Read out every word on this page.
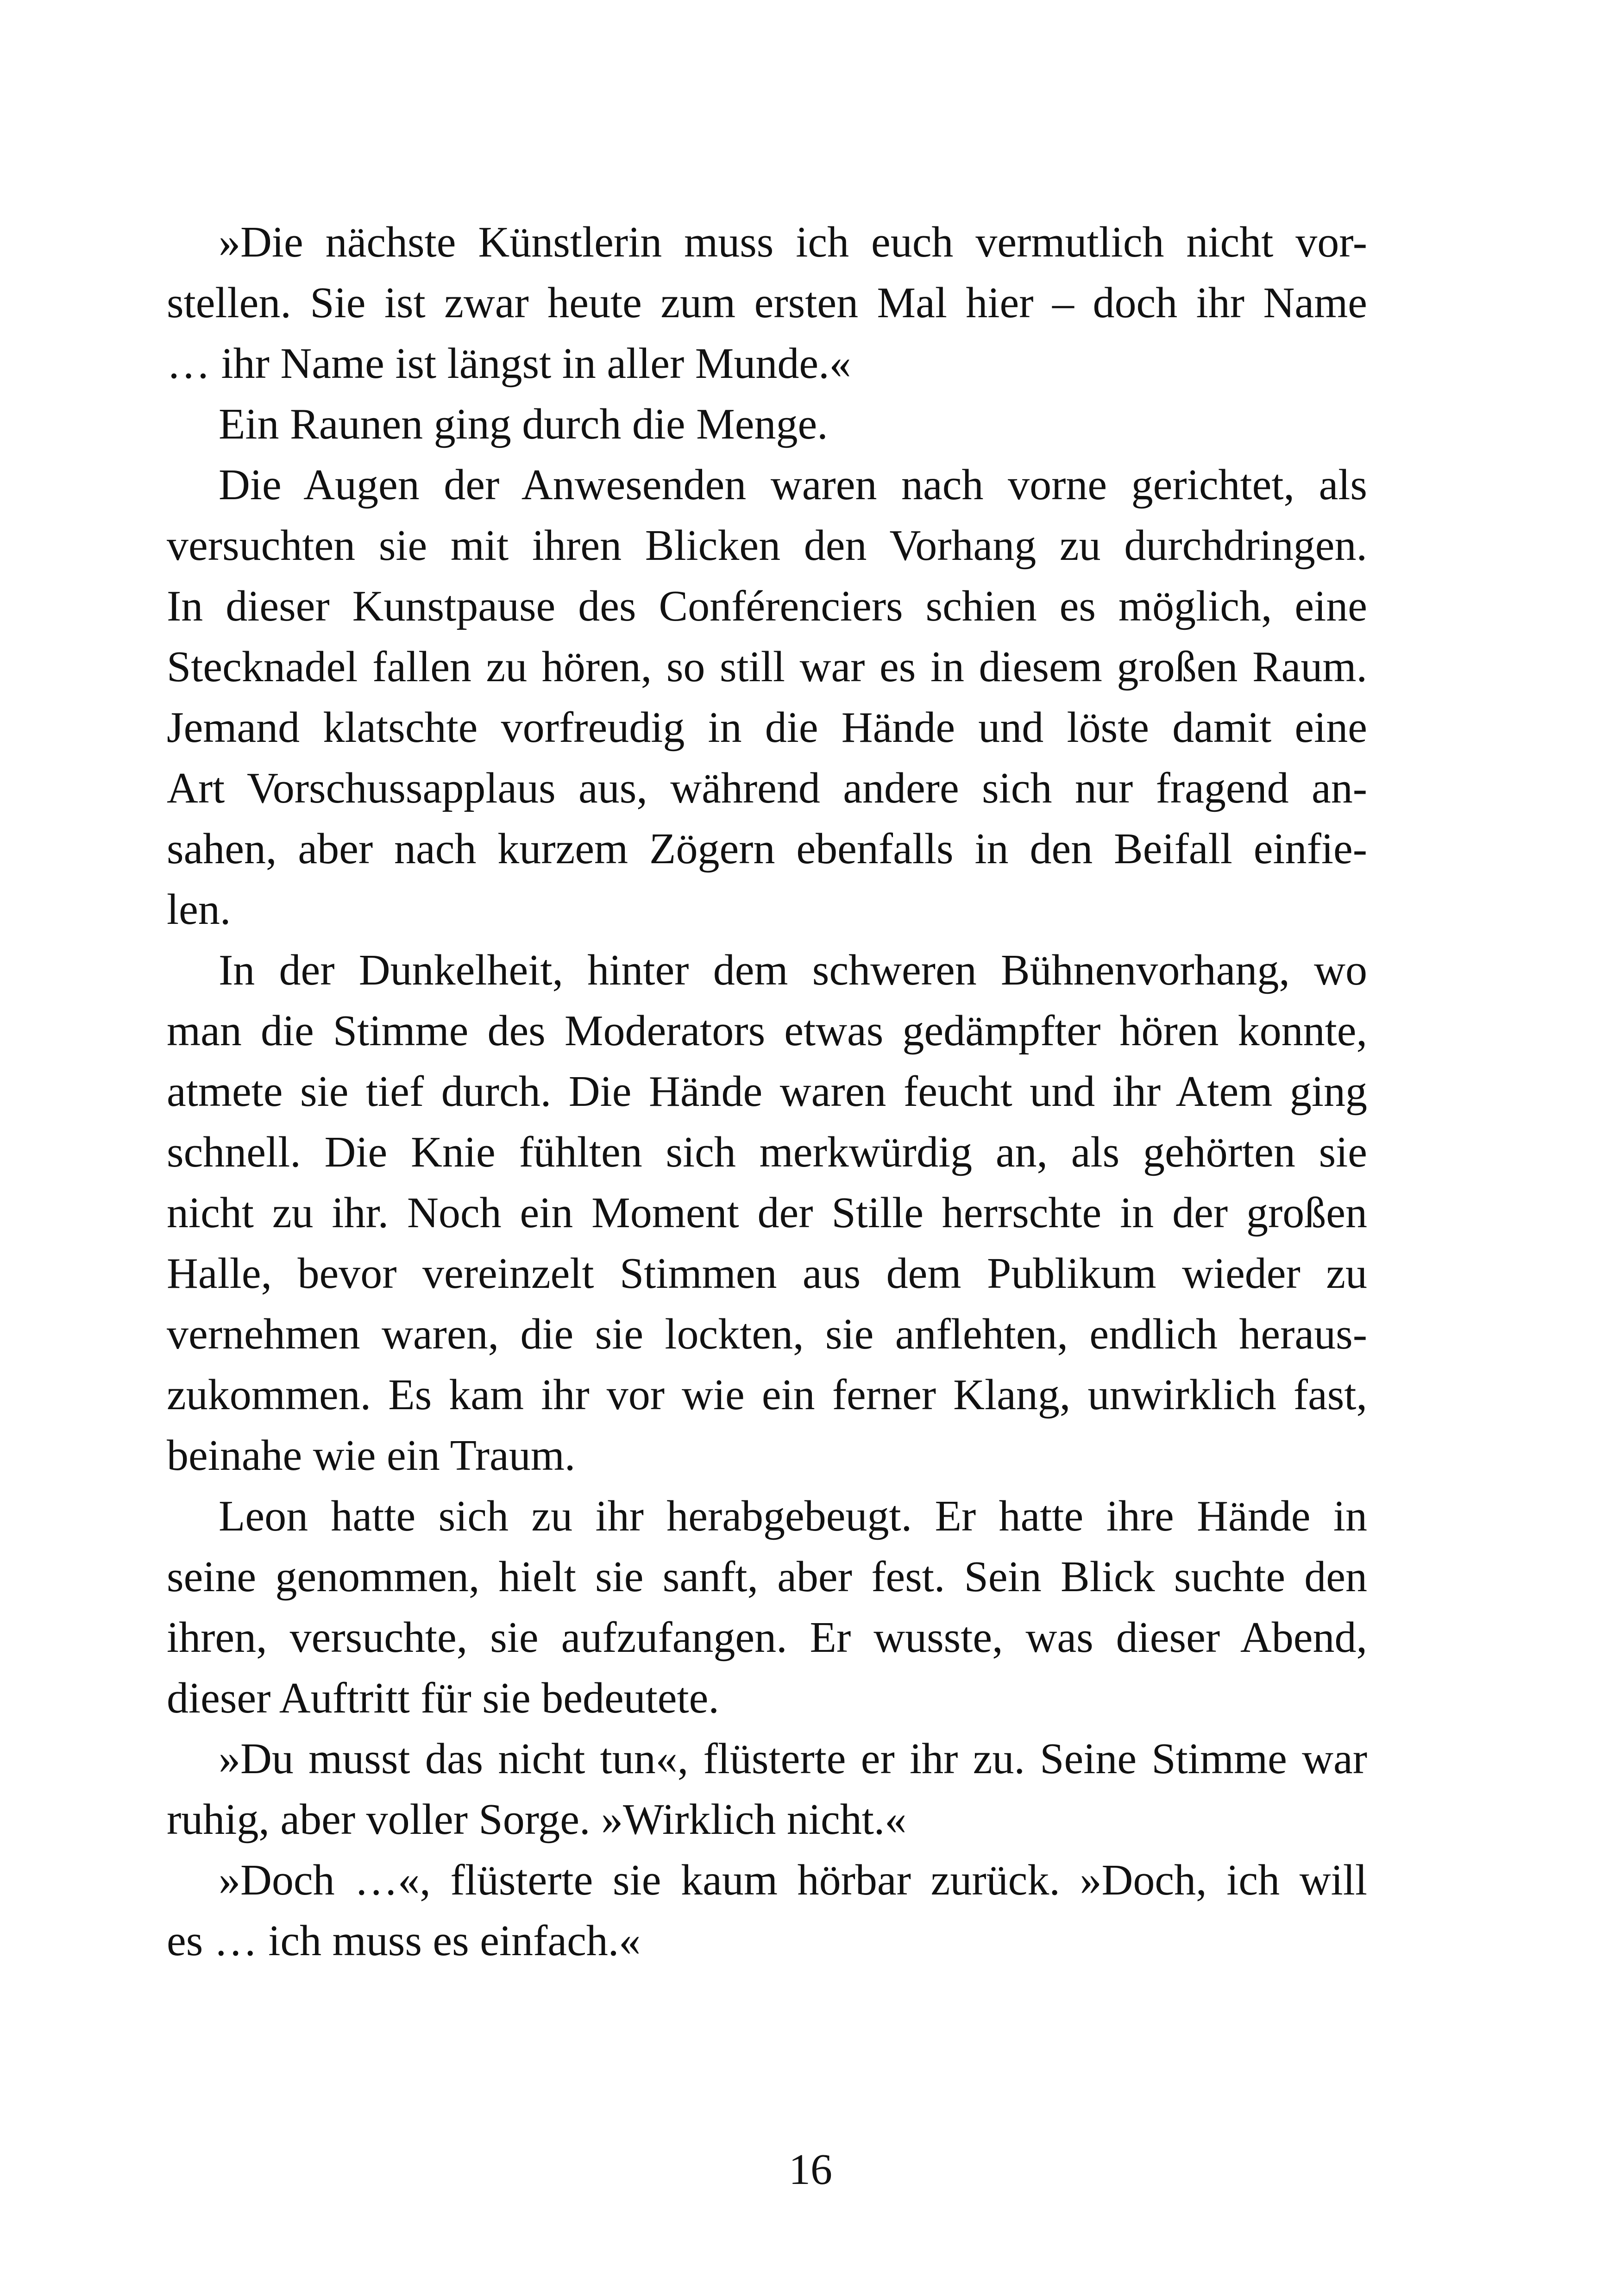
»Die nächste Künstlerin muss ich euch vermutlich nicht vor-
stellen. Sie ist zwar heute zum ersten Mal hier – doch ihr Name
… ihr Name ist längst in aller Munde.«

Ein Raunen ging durch die Menge.

Die Augen der Anwesenden waren nach vorne gerichtet, als
versuchten sie mit ihren Blicken den Vorhang zu durchdringen.
In dieser Kunstpause des Conférenciers schien es möglich, eine
Stecknadel fallen zu hören, so still war es in diesem großen Raum.
Jemand klatschte vorfreudig in die Hände und löste damit eine
Art Vorschussapplaus aus, während andere sich nur fragend an-
sahen, aber nach kurzem Zögern ebenfalls in den Beifall einfie-
len.

In der Dunkelheit, hinter dem schweren Bühnenvorhang, wo
man die Stimme des Moderators etwas gedämpfter hören konnte,
atmete sie tief durch. Die Hände waren feucht und ihr Atem ging
schnell. Die Knie fühlten sich merkwürdig an, als gehörten sie
nicht zu ihr. Noch ein Moment der Stille herrschte in der großen
Halle, bevor vereinzelt Stimmen aus dem Publikum wieder zu
vernehmen waren, die sie lockten, sie anflehten, endlich heraus-
zukommen. Es kam ihr vor wie ein ferner Klang, unwirklich fast,
beinahe wie ein Traum.

Leon hatte sich zu ihr herabgebeugt. Er hatte ihre Hände in
seine genommen, hielt sie sanft, aber fest. Sein Blick suchte den
ihren, versuchte, sie aufzufangen. Er wusste, was dieser Abend,
dieser Auftritt für sie bedeutete.

»Du musst das nicht tun«, flüsterte er ihr zu. Seine Stimme war
ruhig, aber voller Sorge. »Wirklich nicht.«

»Doch …«, flüsterte sie kaum hörbar zurück. »Doch, ich will
es … ich muss es einfach.«

16
